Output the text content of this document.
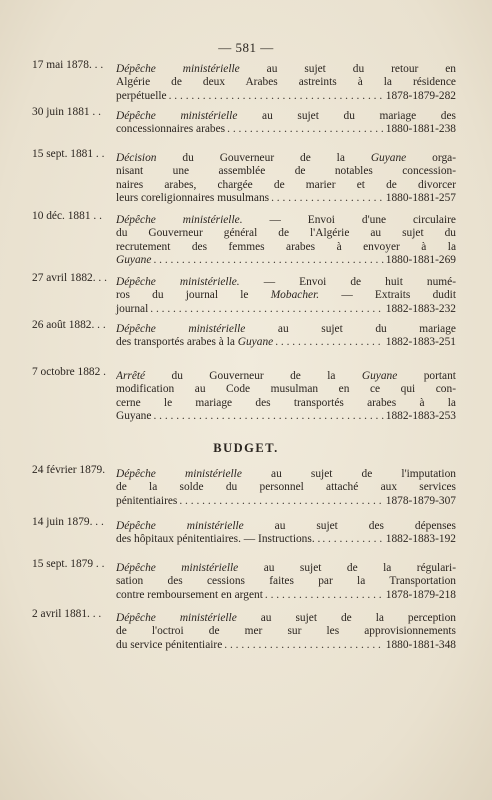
— 581 —
17 mai 1878. . . Dépêche ministérielle au sujet du retour en
Algérie de deux Arabes astreints à la résidence
perpétuelle . . .	1878-1879-282
30 juin 1881 . . Dépêche ministérielle au sujet du mariage des
concessionnaires arabes . . .	1880-1881-238
15 sept. 1881 . . Décision du Gouverneur de la Guyane orga-
nisant une assemblée de notables concession-
naires arabes, chargée de marier et de divorcer
leurs coreligionnaires musulmans . . .	1880-1881-257
10 déc. 1881 . . Dépêche ministérielle. — Envoi d'une circulaire
du Gouverneur général de l'Algérie au sujet du
recrutement des femmes arabes à envoyer à la
Guyane . . .	1880-1881-269
27 avril 1882. . . Dépêche ministérielle. — Envoi de huit numé-
ros du journal le Mobacher. — Extraits dudit
journal . . .	1882-1883-232
26 août 1882. . . Dépêche ministérielle au sujet du mariage
des transportés arabes à la Guyane . . .	1882-1883-251
7 octobre 1882 . Arrêté du Gouverneur de la Guyane portant
modification au Code musulman en ce qui con-
cerne le mariage des transportés arabes à la
Guyane . . .	1882-1883-253
BUDGET.
24 février 1879. Dépêche ministérielle au sujet de l'imputation
de la solde du personnel attaché aux services
pénitentiaires . . .	1878-1879-307
14 juin 1879. . . Dépêche ministérielle au sujet des dépenses
des hôpitaux pénitentiaires. — Instructions. . . . .	1882-1883-192
15 sept. 1879 . . Dépêche ministérielle au sujet de la régulari-
sation des cessions faites par la Transportation
contre remboursement en argent . . .	1878-1879-218
2 avril 1881. . . Dépêche ministérielle au sujet de la perception
de l'octroi de mer sur les approvisionnements
du service pénitentiaire . . .	1880-1881-348
